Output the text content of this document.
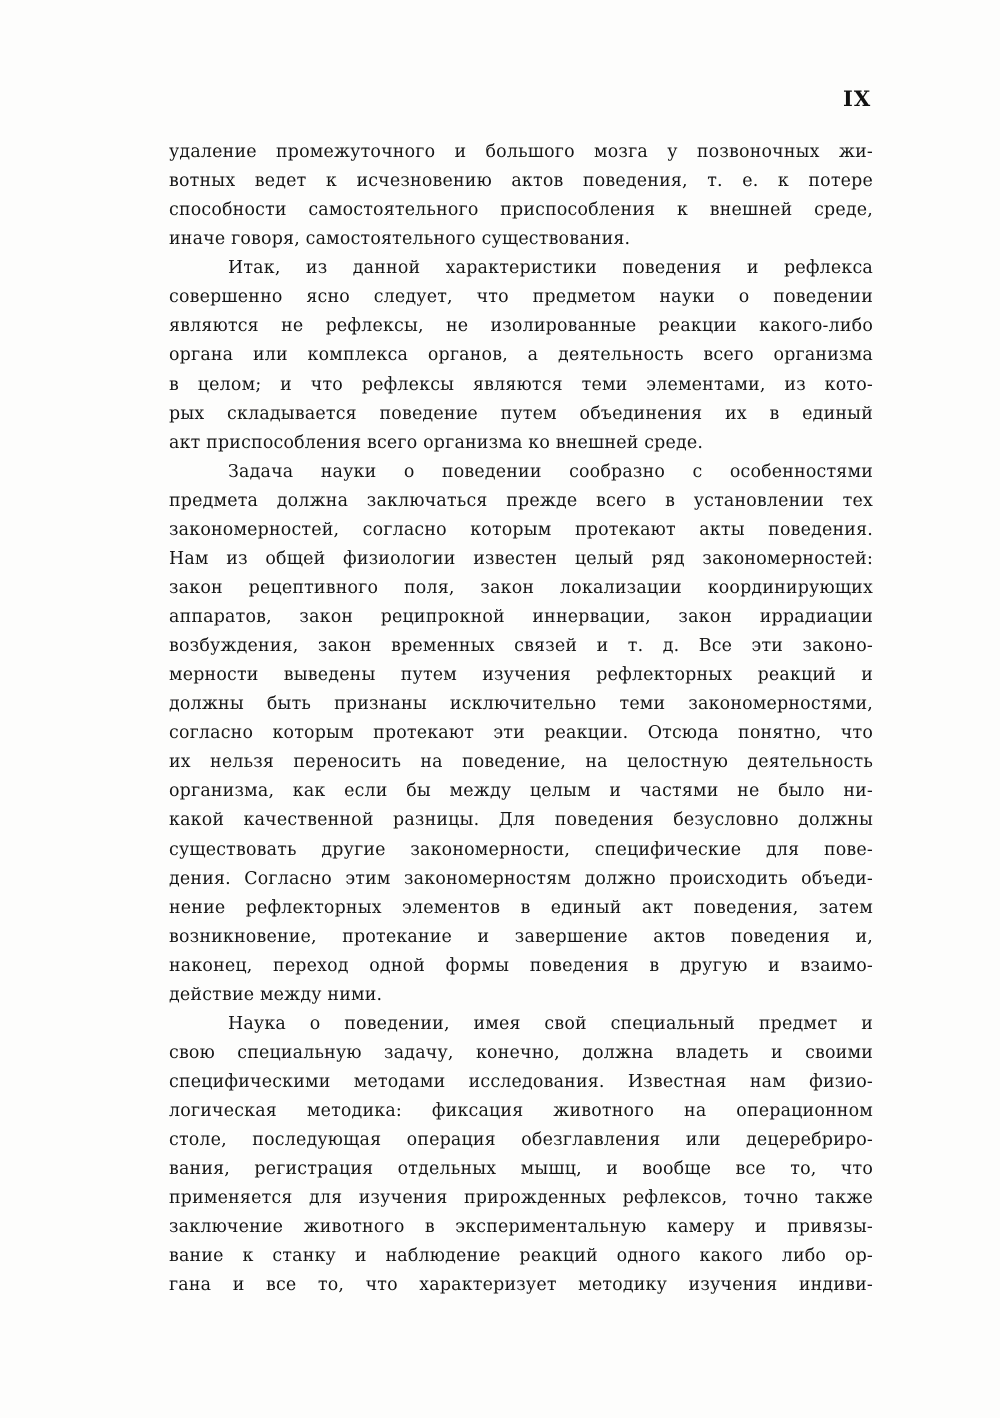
IX
удаление промежуточного и большого мозга у позвоночных жи-
вотных ведет к исчезновению актов поведения, т. е. к потере
способности самостоятельного приспособления к внешней среде,
иначе говоря, самостоятельного существования.
Итак, из данной характеристики поведения и рефлекса
совершенно ясно следует, что предметом науки о поведении
являются не рефлексы, не изолированные реакции какого-либо
органа или комплекса органов, а деятельность всего организма
в целом; и что рефлексы являются теми элементами, из кото-
рых складывается поведение путем объединения их в единый
акт приспособления всего организма ко внешней среде.
Задача науки о поведении сообразно с особенностями
предмета должна заключаться прежде всего в установлении тех
закономерностей, согласно которым протекают акты поведения.
Нам из общей физиологии известен целый ряд закономерностей:
закон рецептивного поля, закон локализации координирующих
аппаратов, закон реципрокной иннервации, закон иррадиации
возбуждения, закон временных связей и т. д. Все эти законо-
мерности выведены путем изучения рефлекторных реакций и
должны быть признаны исключительно теми закономерностями,
согласно которым протекают эти реакции. Отсюда понятно, что
их нельзя переносить на поведение, на целостную деятельность
организма, как если бы между целым и частями не было ни-
какой качественной разницы. Для поведения безусловно должны
существовать другие закономерности, специфические для пове-
дения. Согласно этим закономерностям должно происходить объеди-
нение рефлекторных элементов в единый акт поведения, затем
возникновение, протекание и завершение актов поведения и,
наконец, переход одной формы поведения в другую и взаимо-
действие между ними.
Наука о поведении, имея свой специальный предмет и
свою специальную задачу, конечно, должна владеть и своими
специфическими методами исследования. Известная нам физио-
логическая методика: фиксация животного на операционном
столе, последующая операция обезглавления или децеребриро-
вания, регистрация отдельных мышц, и вообще все то, что
применяется для изучения прирожденных рефлексов, точно также
заключение животного в экспериментальную камеру и привязы-
вание к станку и наблюдение реакций одного какого либо ор-
гана и все то, что характеризует методику изучения индиви-
